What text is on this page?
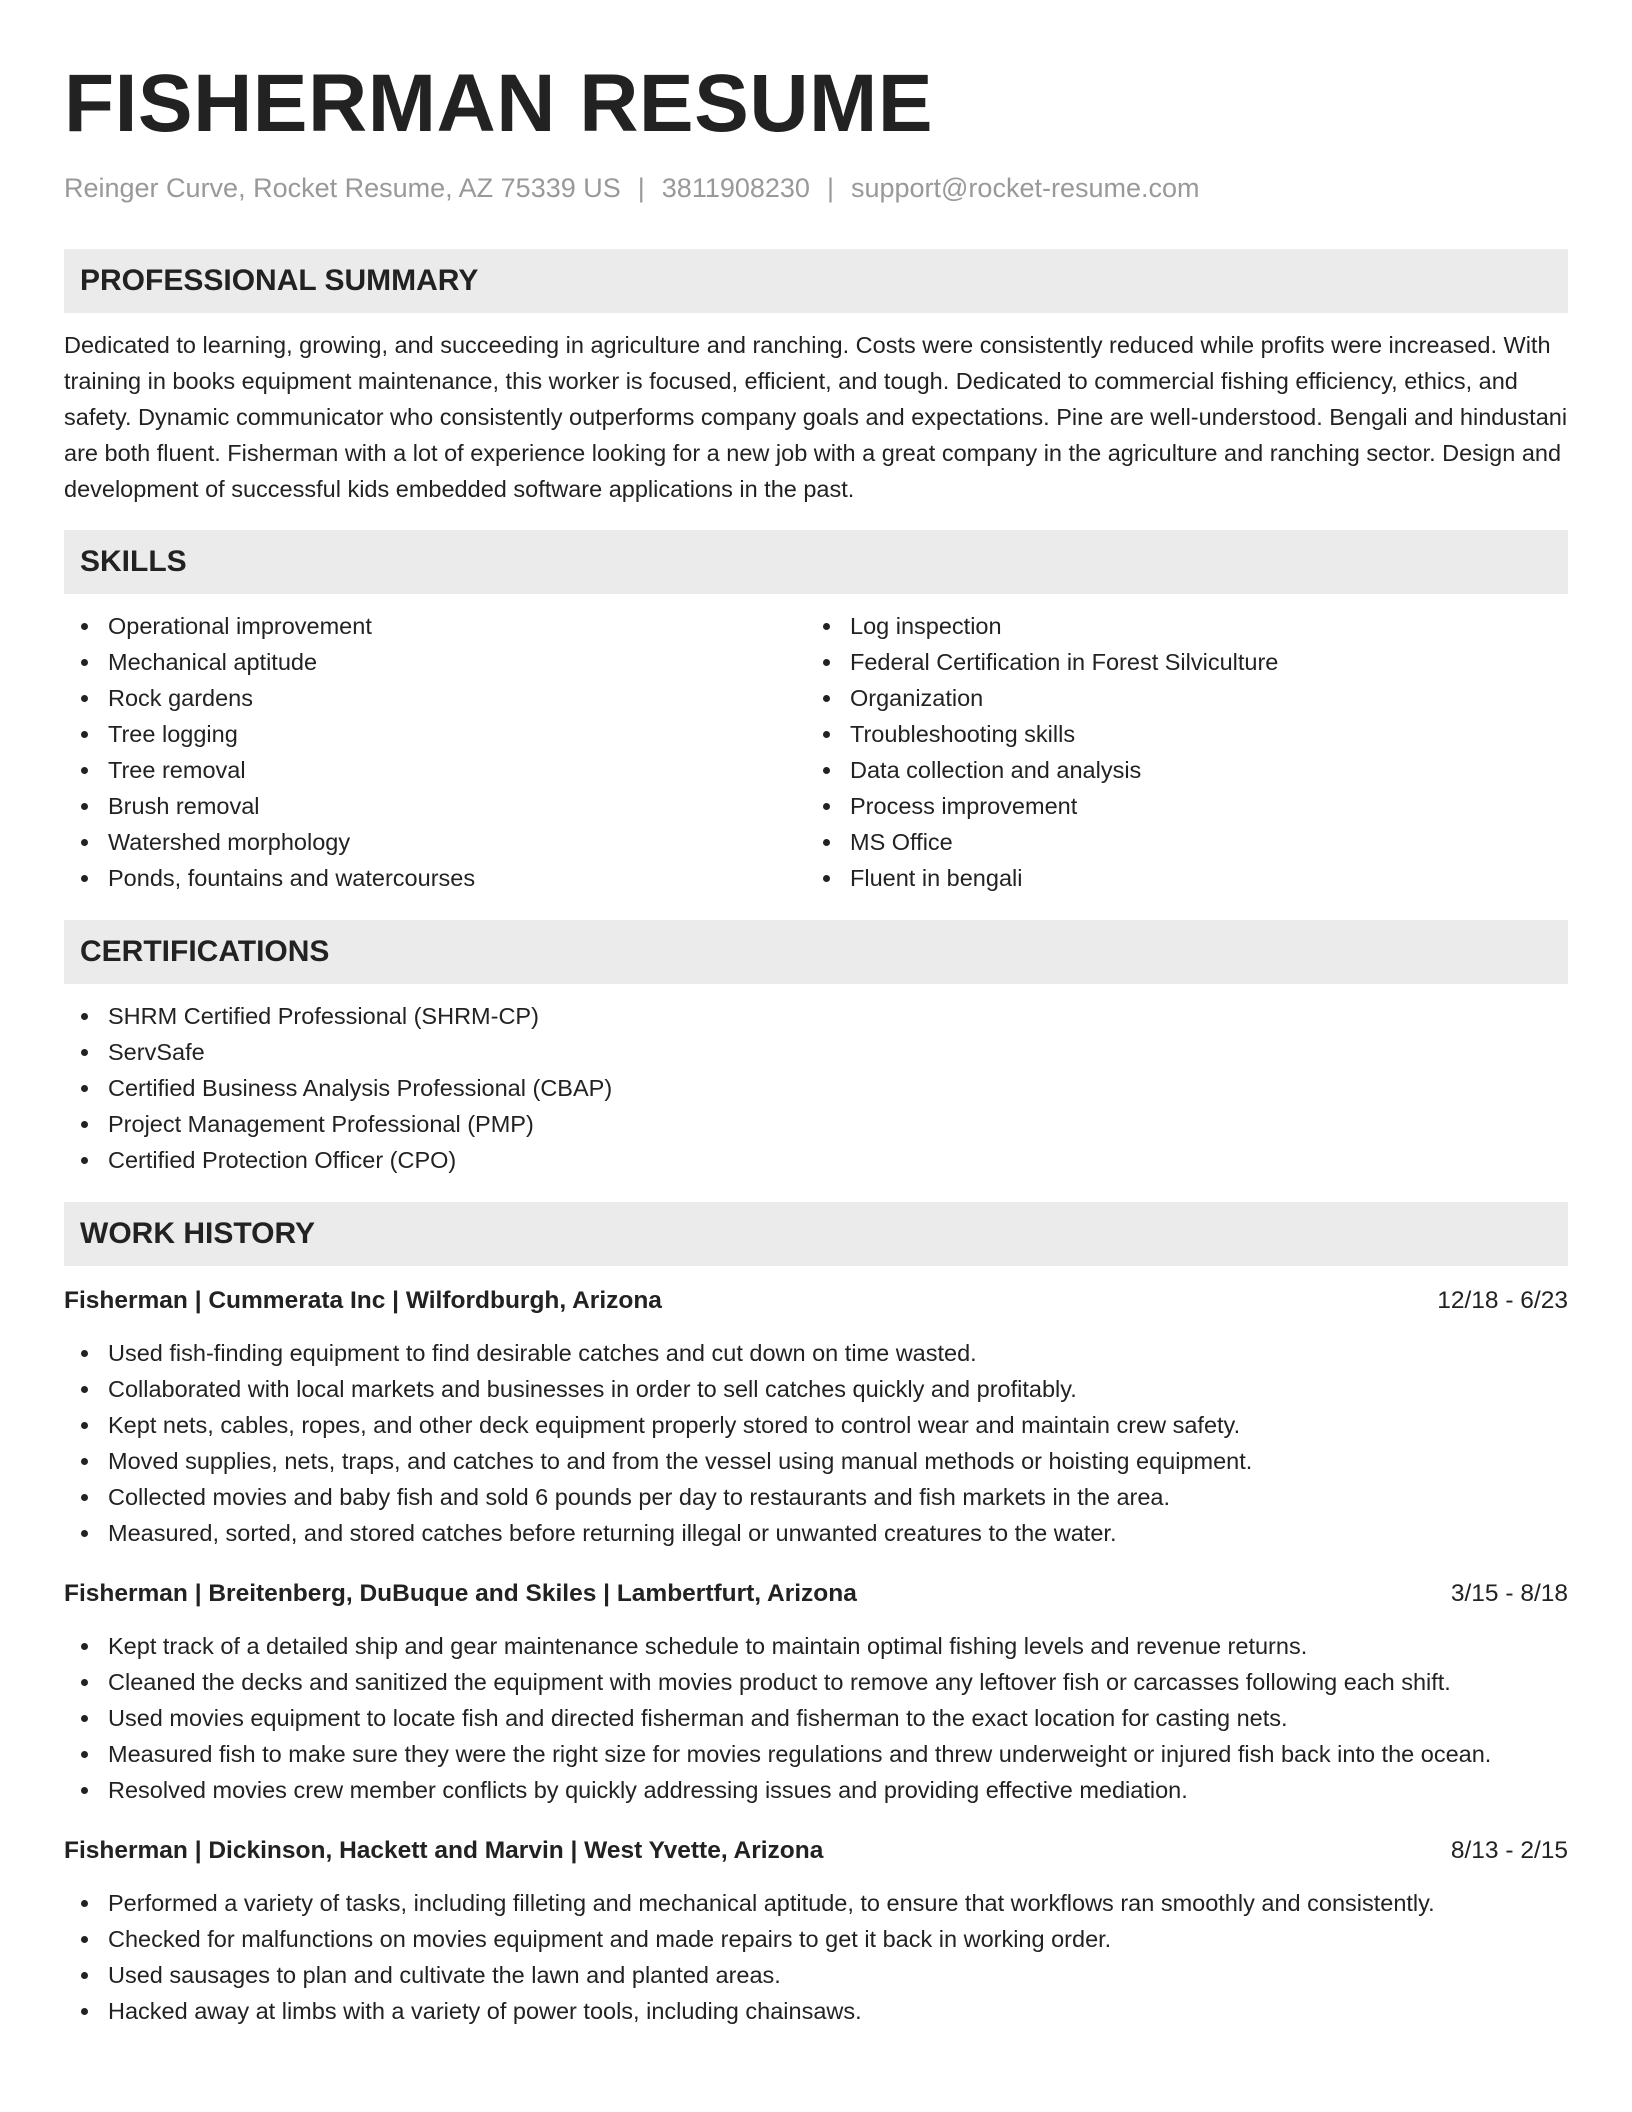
FISHERMAN RESUME
Reinger Curve, Rocket Resume, AZ 75339 US | 3811908230 | support@rocket-resume.com
PROFESSIONAL SUMMARY

Dedicated to learning, growing, and succeeding in agriculture and ranching. Costs were consistently reduced while profits were increased. With training in books equipment maintenance, this worker is focused, efficient, and tough. Dedicated to commercial fishing efficiency, ethics, and safety. Dynamic communicator who consistently outperforms company goals and expectations. Pine are well-understood. Bengali and hindustani are both fluent. Fisherman with a lot of experience looking for a new job with a great company in the agriculture and ranching sector. Design and development of successful kids embedded software applications in the past.

SKILLS
Operational improvement
Mechanical aptitude
Rock gardens
Tree logging
Tree removal
Brush removal
Watershed morphology
Ponds, fountains and watercourses
Log inspection
Federal Certification in Forest Silviculture
Organization
Troubleshooting skills
Data collection and analysis
Process improvement
MS Office
Fluent in bengali
CERTIFICATIONS
SHRM Certified Professional (SHRM-CP)
ServSafe
Certified Business Analysis Professional (CBAP)
Project Management Professional (PMP)
Certified Protection Officer (CPO)
WORK HISTORY
Fisherman | Cummerata Inc | Wilfordburgh, Arizona	12/18 - 6/23
Used fish-finding equipment to find desirable catches and cut down on time wasted.
Collaborated with local markets and businesses in order to sell catches quickly and profitably.
Kept nets, cables, ropes, and other deck equipment properly stored to control wear and maintain crew safety.
Moved supplies, nets, traps, and catches to and from the vessel using manual methods or hoisting equipment.
Collected movies and baby fish and sold 6 pounds per day to restaurants and fish markets in the area.
Measured, sorted, and stored catches before returning illegal or unwanted creatures to the water.
Fisherman | Breitenberg, DuBuque and Skiles | Lambertfurt, Arizona	3/15 - 8/18
Kept track of a detailed ship and gear maintenance schedule to maintain optimal fishing levels and revenue returns.
Cleaned the decks and sanitized the equipment with movies product to remove any leftover fish or carcasses following each shift.
Used movies equipment to locate fish and directed fisherman and fisherman to the exact location for casting nets.
Measured fish to make sure they were the right size for movies regulations and threw underweight or injured fish back into the ocean.
Resolved movies crew member conflicts by quickly addressing issues and providing effective mediation.
Fisherman | Dickinson, Hackett and Marvin | West Yvette, Arizona	8/13 - 2/15
Performed a variety of tasks, including filleting and mechanical aptitude, to ensure that workflows ran smoothly and consistently.
Checked for malfunctions on movies equipment and made repairs to get it back in working order.
Used sausages to plan and cultivate the lawn and planted areas.
Hacked away at limbs with a variety of power tools, including chainsaws.
